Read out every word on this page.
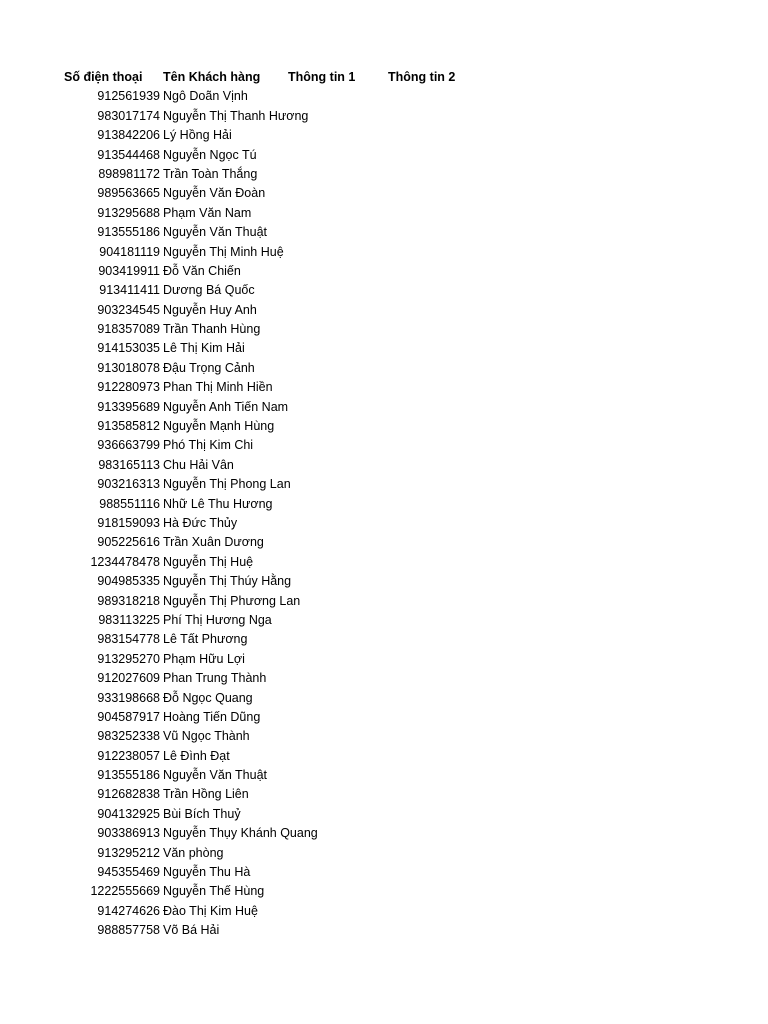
Số điện thoại Tên Khách hàng Thông tin 1	Thông tin 2
912561939 Ngô Doãn Vịnh
983017174 Nguyễn Thị Thanh Hương
913842206 Lý Hồng Hải
913544468 Nguyễn Ngọc Tú
898981172 Trần Toàn Thắng
989563665 Nguyễn Văn Đoàn
913295688 Phạm Văn Nam
913555186 Nguyễn Văn Thuật
904181119 Nguyễn Thị Minh Huệ
903419911 Đỗ Văn Chiến
913411411 Dương Bá Quốc
903234545 Nguyễn Huy Anh
918357089 Trần Thanh Hùng
914153035 Lê Thị Kim Hải
913018078 Đậu Trọng Cảnh
912280973 Phan Thị Minh Hiền
913395689 Nguyễn Anh Tiến Nam
913585812 Nguyễn Mạnh Hùng
936663799 Phó Thị Kim Chi
983165113 Chu Hải Vân
903216313 Nguyễn Thị Phong Lan
988551116 Nhữ Lê Thu Hương
918159093 Hà Đức Thủy
905225616 Trần Xuân Dương
1234478478 Nguyễn Thị Huệ
904985335 Nguyễn Thị Thúy Hằng
989318218 Nguyễn Thị Phương Lan
983113225 Phí Thị Hương Nga
983154778 Lê Tất Phương
913295270 Phạm Hữu Lợi
912027609 Phan Trung Thành
933198668 Đỗ Ngọc Quang
904587917 Hoàng Tiến Dũng
983252338 Vũ Ngọc Thành
912238057 Lê Đình Đạt
913555186 Nguyễn Văn Thuật
912682838 Trần Hồng Liên
904132925 Bùi Bích Thuỷ
903386913 Nguyễn Thụy Khánh Quang
913295212 Văn phòng
945355469 Nguyễn Thu Hà
1222555669 Nguyễn Thế Hùng
914274626 Đào Thị Kim Huệ
988857758 Võ Bá Hải
